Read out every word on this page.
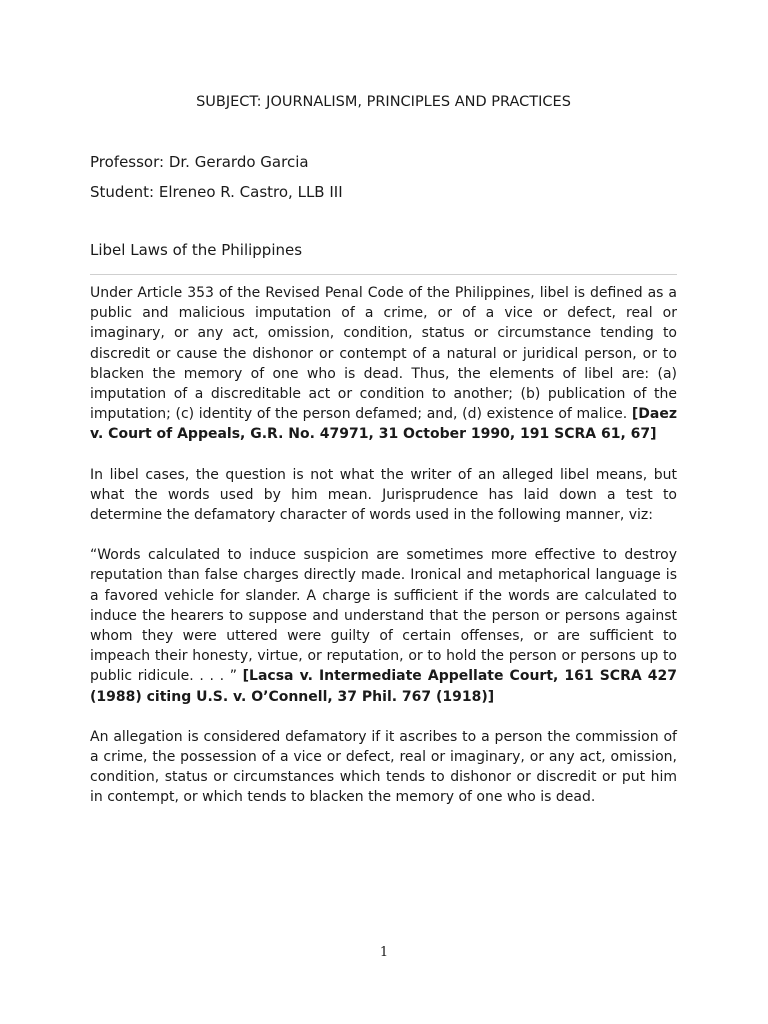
SUBJECT: JOURNALISM, PRINCIPLES AND PRACTICES

Professor: Dr. Gerardo Garcia

Student: Elreneo R. Castro, LLB III

Libel Laws of the Philippines

Under Article 353 of the Revised Penal Code of the Philippines, libel is defined as a public and malicious imputation of a crime, or of a vice or defect, real or imaginary, or any act, omission, condition, status or circumstance tending to discredit or cause the dishonor or contempt of a natural or juridical person, or to blacken the memory of one who is dead. Thus, the elements of libel are: (a) imputation of a discreditable act or condition to another; (b) publication of the imputation; (c) identity of the person defamed; and, (d) existence of malice. [Daez v. Court of Appeals, G.R. No. 47971, 31 October 1990, 191 SCRA 61, 67]

In libel cases, the question is not what the writer of an alleged libel means, but what the words used by him mean. Jurisprudence has laid down a test to determine the defamatory character of words used in the following manner, viz:

“Words calculated to induce suspicion are sometimes more effective to destroy reputation than false charges directly made. Ironical and metaphorical language is a favored vehicle for slander. A charge is sufficient if the words are calculated to induce the hearers to suppose and understand that the person or persons against whom they were uttered were guilty of certain offenses, or are sufficient to impeach their honesty, virtue, or reputation, or to hold the person or persons up to public ridicule. . . . ” [Lacsa v. Intermediate Appellate Court, 161 SCRA 427 (1988) citing U.S. v. O’Connell, 37 Phil. 767 (1918)]

An allegation is considered defamatory if it ascribes to a person the commission of a crime, the possession of a vice or defect, real or imaginary, or any act, omission, condition, status or circumstances which tends to dishonor or discredit or put him in contempt, or which tends to blacken the memory of one who is dead.

1
